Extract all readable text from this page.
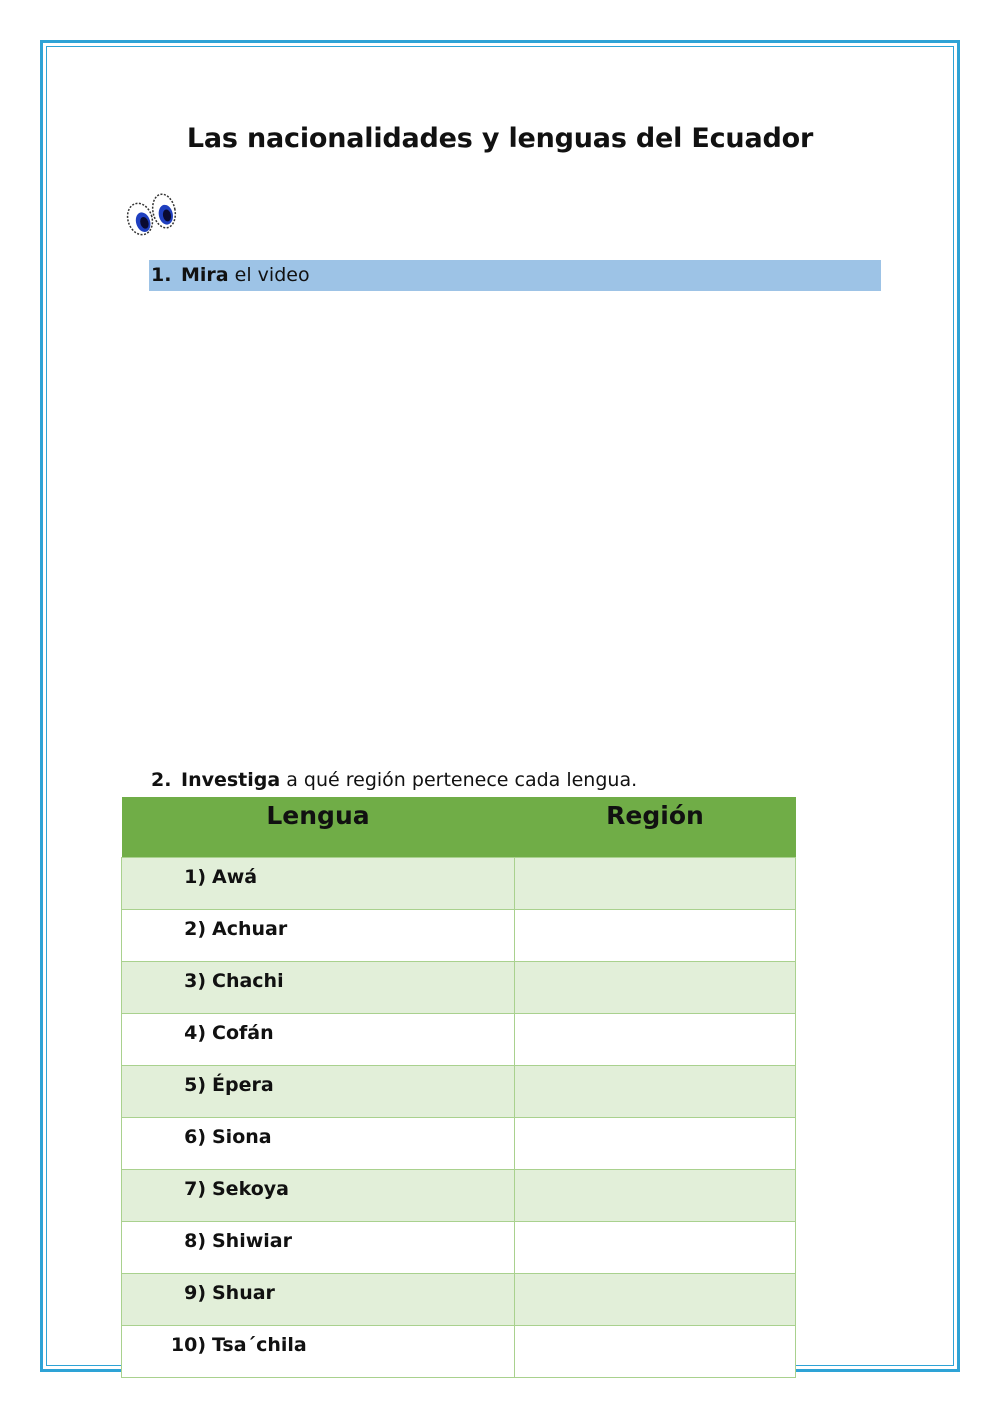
Las nacionalidades y lenguas del Ecuador
1. Mira el video
2. Investiga a qué región pertenece cada lengua.
Lengua	Región
1)Awá	
2) Achuar	
3) Chachi	
4) Cofán	
5) Épera	
6) Siona	
7) Sekoya	
8) Shiwiar	
9) Shuar	
10) Tsa´chila	
